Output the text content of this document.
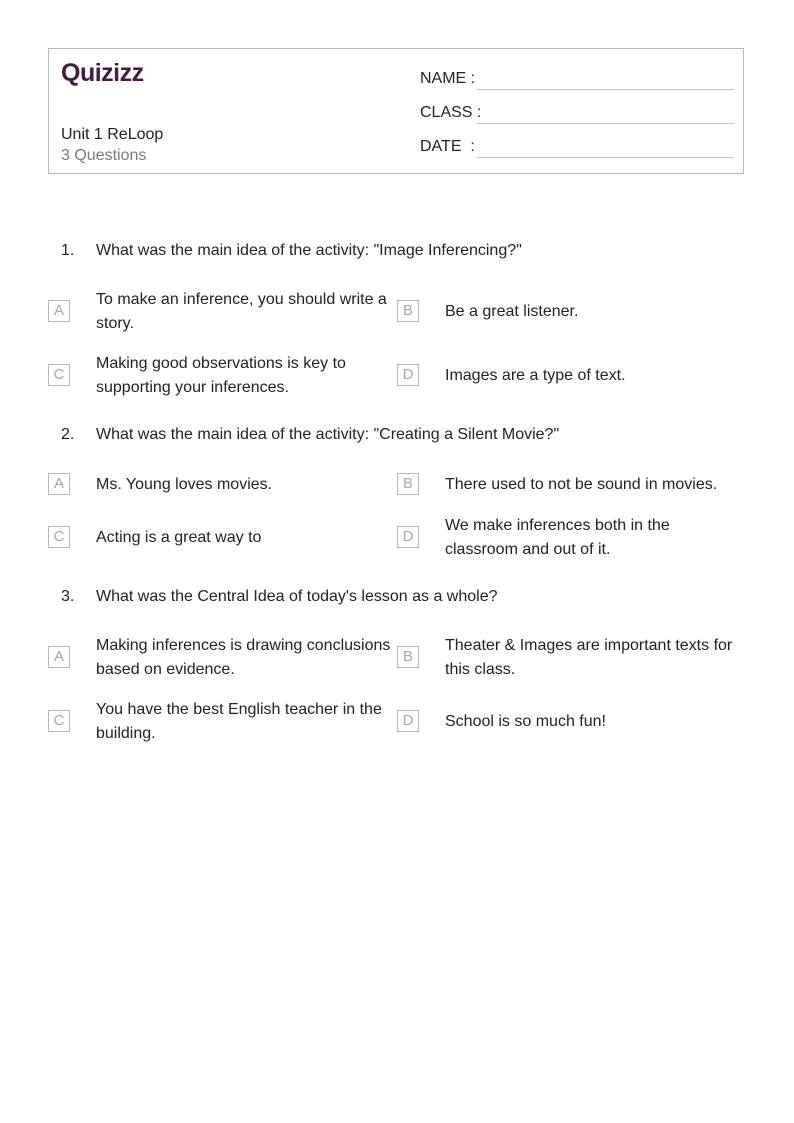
Quizizz
Unit 1 ReLoop
3 Questions
NAME :
CLASS :
DATE  :
1. What was the main idea of the activity: "Image Inferencing?"
A
To make an inference, you should write a story.
B	Be a great listener.
C
Making good observations is key to supporting your inferences.
D	Images are a type of text.
2. What was the main idea of the activity: "Creating a Silent Movie?"
A	Ms. Young loves movies.	B	There used to not be sound in movies.
C	Acting is a great way to	D
We make inferences both in the classroom and out of it.
3. What was the Central Idea of today's lesson as a whole?
A
Making inferences is drawing conclusions based on evidence.
B
Theater & Images are important texts for this class.
C
You have the best English teacher in the building.
D	School is so much fun!
